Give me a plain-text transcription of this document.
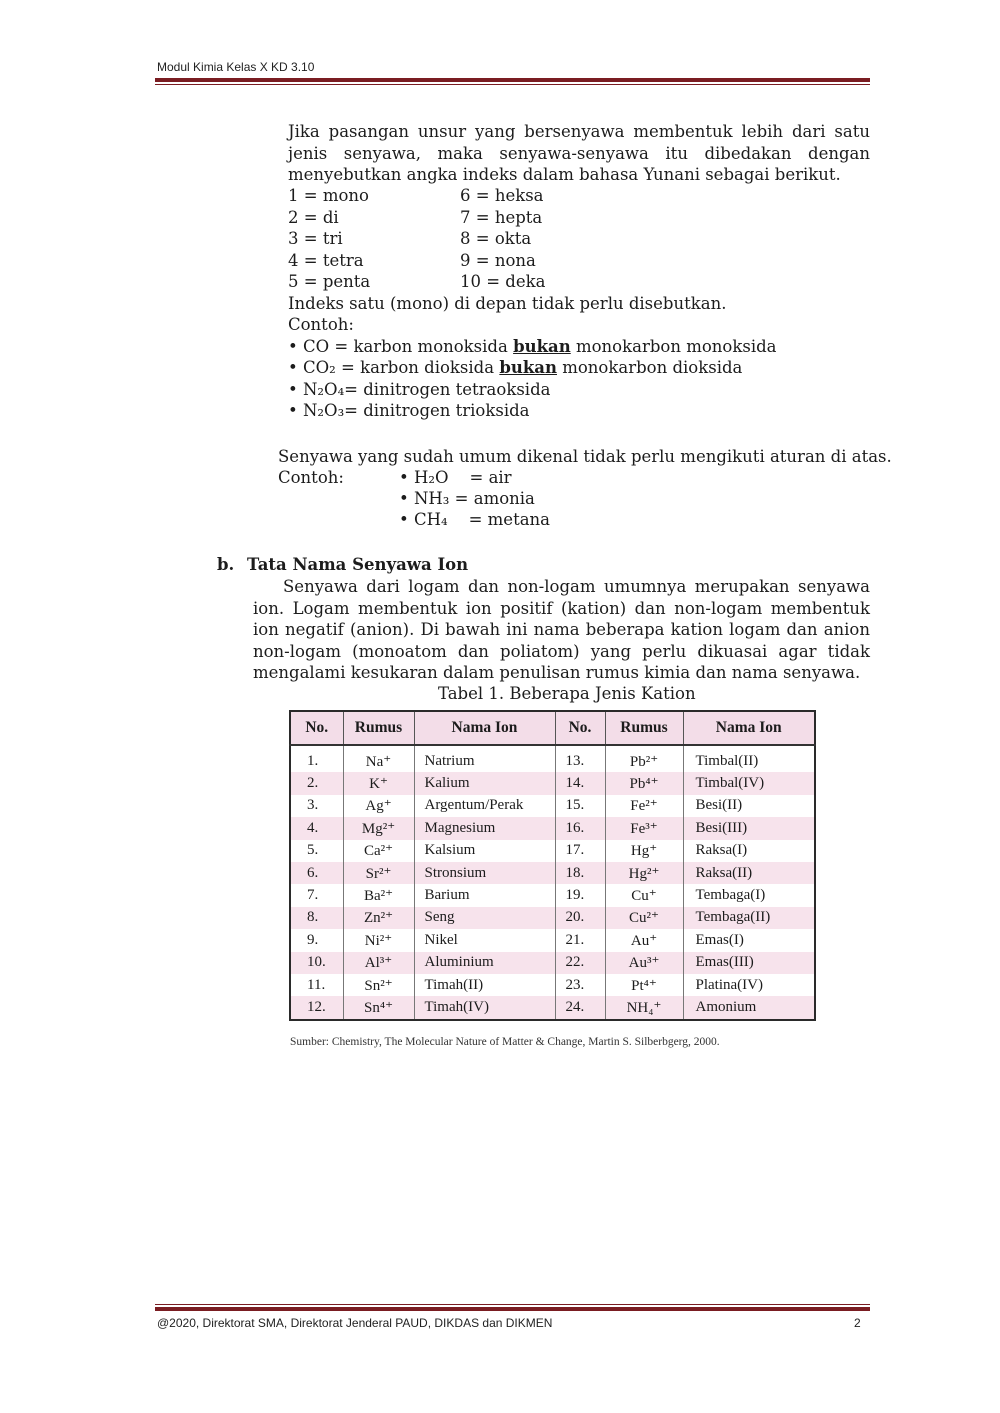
Modul Kimia Kelas X KD 3.10
Jika pasangan unsur yang bersenyawa membentuk lebih dari satu jenis senyawa, maka senyawa-senyawa itu dibedakan dengan menyebutkan angka indeks dalam bahasa Yunani sebagai berikut.
1 = mono	6 = heksa
2 = di	7 = hepta
3 = tri	8 = okta
4 = tetra	9 = nona
5 = penta	10 = deka
Indeks satu (mono) di depan tidak perlu disebutkan.
Contoh:
• CO = karbon monoksida bukan monokarbon monoksida
• CO₂ = karbon dioksida bukan monokarbon dioksida
• N₂O₄= dinitrogen tetraoksida
• N₂O₃= dinitrogen trioksida
Senyawa yang sudah umum dikenal tidak perlu mengikuti aturan di atas.
Contoh:	• H₂O    = air
• NH₃ = amonia
• CH₄    = metana
b. Tata Nama Senyawa Ion
Senyawa dari logam dan non-logam umumnya merupakan senyawa ion. Logam membentuk ion positif (kation) dan non-logam membentuk ion negatif (anion). Di bawah ini nama beberapa kation logam dan anion non-logam (monoatom dan poliatom) yang perlu dikuasai agar tidak mengalami kesukaran dalam penulisan rumus kimia dan nama senyawa.
Tabel 1. Beberapa Jenis Kation
No.	Rumus	Nama Ion	No.	Rumus	Nama Ion
1.	Na⁺	Natrium	13.	Pb²⁺	Timbal(II)
2.	K⁺	Kalium	14.	Pb⁴⁺	Timbal(IV)
3.	Ag⁺	Argentum/Perak	15.	Fe²⁺	Besi(II)
4.	Mg²⁺	Magnesium	16.	Fe³⁺	Besi(III)
5.	Ca²⁺	Kalsium	17.	Hg⁺	Raksa(I)
6.	Sr²⁺	Stronsium	18.	Hg²⁺	Raksa(II)
7.	Ba²⁺	Barium	19.	Cu⁺	Tembaga(I)
8.	Zn²⁺	Seng	20.	Cu²⁺	Tembaga(II)
9.	Ni²⁺	Nikel	21.	Au⁺	Emas(I)
10.	Al³⁺	Aluminium	22.	Au³⁺	Emas(III)
11.	Sn²⁺	Timah(II)	23.	Pt⁴⁺	Platina(IV)
12.	Sn⁴⁺	Timah(IV)	24.	NH₄⁺	Amonium
Sumber: Chemistry, The Molecular Nature of Matter & Change, Martin S. Silberbgerg, 2000.
@2020, Direktorat SMA, Direktorat Jenderal PAUD, DIKDAS dan DIKMEN	2
